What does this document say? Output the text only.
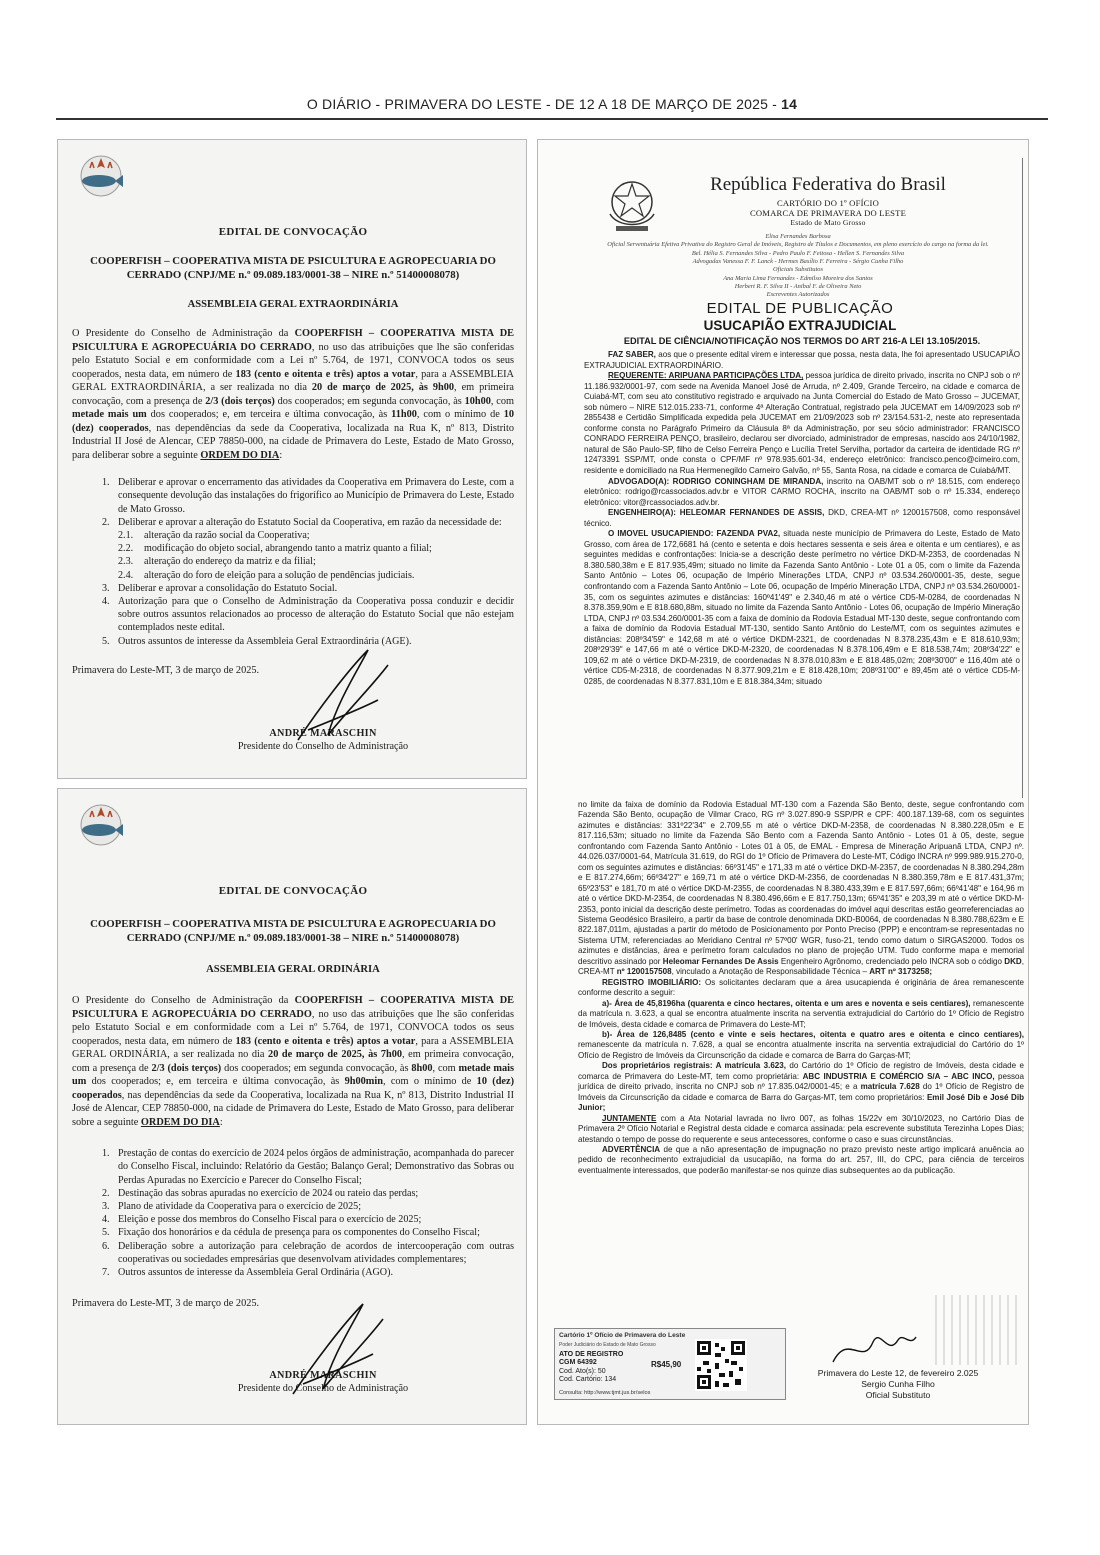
O DIÁRIO - PRIMAVERA DO LESTE - DE 12 A 18 DE MARÇO DE 2025 - 14
EDITAL DE CONVOCAÇÃO
COOPERFISH – COOPERATIVA MISTA DE PSICULTURA E AGROPECUARIA DO CERRADO (CNPJ/ME n.º 09.089.183/0001-38 – NIRE n.º 51400008078)
ASSEMBLEIA GERAL EXTRAORDINÁRIA
O Presidente do Conselho de Administração da COOPERFISH – COOPERATIVA MISTA DE PSICULTURA E AGROPECUÁRIA DO CERRADO, no uso das atribuições que lhe são conferidas pelo Estatuto Social e em conformidade com a Lei nº 5.764, de 1971, CONVOCA todos os seus cooperados, nesta data, em número de 183 (cento e oitenta e três) aptos a votar, para a ASSEMBLEIA GERAL EXTRAORDINÁRIA, a ser realizada no dia 20 de março de 2025, às 9h00, em primeira convocação, com a presença de 2/3 (dois terços) dos cooperados; em segunda convocação, às 10h00, com metade mais um dos cooperados; e, em terceira e última convocação, às 11h00, com o mínimo de 10 (dez) cooperados, nas dependências da sede da Cooperativa, localizada na Rua K, nº 813, Distrito Industrial II José de Alencar, CEP 78850-000, na cidade de Primavera do Leste, Estado de Mato Grosso, para deliberar sobre a seguinte ORDEM DO DIA:
1. Deliberar e aprovar o encerramento das atividades da Cooperativa em Primavera do Leste, com a consequente devolução das instalações do frigorífico ao Município de Primavera do Leste, Estado de Mato Grosso.
2. Deliberar e aprovar a alteração do Estatuto Social da Cooperativa, em razão da necessidade de:
2.1.	alteração da razão social da Cooperativa;
2.2.	modificação do objeto social, abrangendo tanto a matriz quanto a filial;
2.3.	alteração do endereço da matriz e da filial;
2.4.	alteração do foro de eleição para a solução de pendências judiciais.
3. Deliberar e aprovar a consolidação do Estatuto Social.
4. Autorização para que o Conselho de Administração da Cooperativa possa conduzir e decidir sobre outros assuntos relacionados ao processo de alteração do Estatuto Social que não estejam contemplados neste edital.
5. Outros assuntos de interesse da Assembleia Geral Extraordinária (AGE).
Primavera do Leste-MT, 3 de março de 2025.
ANDRÉ MARASCHIN
Presidente do Conselho de Administração
EDITAL DE CONVOCAÇÃO
COOPERFISH – COOPERATIVA MISTA DE PSICULTURA E AGROPECUARIA DO CERRADO (CNPJ/ME n.º 09.089.183/0001-38 – NIRE n.º 51400008078)
ASSEMBLEIA GERAL ORDINÁRIA
O Presidente do Conselho de Administração da COOPERFISH – COOPERATIVA MISTA DE PSICULTURA E AGROPECUÁRIA DO CERRADO, no uso das atribuições que lhe são conferidas pelo Estatuto Social e em conformidade com a Lei nº 5.764, de 1971, CONVOCA todos os seus cooperados, nesta data, em número de 183 (cento e oitenta e três) aptos a votar, para a ASSEMBLEIA GERAL ORDINÁRIA, a ser realizada no dia 20 de março de 2025, às 7h00, em primeira convocação, com a presença de 2/3 (dois terços) dos cooperados; em segunda convocação, às 8h00, com metade mais um dos cooperados; e, em terceira e última convocação, às 9h00min, com o mínimo de 10 (dez) cooperados, nas dependências da sede da Cooperativa, localizada na Rua K, nº 813, Distrito Industrial II José de Alencar, CEP 78850-000, na cidade de Primavera do Leste, Estado de Mato Grosso, para deliberar sobre a seguinte ORDEM DO DIA:
1. Prestação de contas do exercício de 2024 pelos órgãos de administração, acompanhada do parecer do Conselho Fiscal, incluindo: Relatório da Gestão; Balanço Geral; Demonstrativo das Sobras ou Perdas Apuradas no Exercício e Parecer do Conselho Fiscal;
2. Destinação das sobras apuradas no exercício de 2024 ou rateio das perdas;
3. Plano de atividade da Cooperativa para o exercício de 2025;
4. Eleição e posse dos membros do Conselho Fiscal para o exercício de 2025;
5. Fixação dos honorários e da cédula de presença para os componentes do Conselho Fiscal;
6. Deliberação sobre a autorização para celebração de acordos de intercooperação com outras cooperativas ou sociedades empresárias que desenvolvam atividades complementares;
7. Outros assuntos de interesse da Assembleia Geral Ordinária (AGO).
Primavera do Leste-MT, 3 de março de 2025.
ANDRÉ MARASCHIN
Presidente do Conselho de Administração
República Federativa do Brasil
CARTÓRIO DO 1º OFÍCIO
COMARCA DE PRIMAVERA DO LESTE
Estado de Mato Grosso
Elisa Fernandes Barbosa
Oficial Serventuária Efetiva Privativa do Registro Geral de Imóveis, Registro de Títulos e Documentos, em pleno exercício do cargo na forma da lei.
Bel. Hélia S. Fernandes Silva - Pedro Paulo F. Feitosa - Hellen S. Fernandes Silva
Advogadas Vanessa F. F. Lanck - Hermes Basílio F. Ferreira - Sérgio Cunha Filho
Oficiais Substitutos
Ana Maria Lima Fernandes - Edmilso Moreira dos Santos
Herbert R. F. Silva II - Anibal F. de Oliveira Neto
Escreventes Autorizados
EDITAL DE PUBLICAÇÃO
USUCAPIÃO EXTRAJUDICIAL
EDITAL DE CIÊNCIA/NOTIFICAÇÃO NOS TERMOS DO ART 216-A LEI 13.105/2015.

FAZ SABER, aos que o presente edital virem e interessar que possa, nesta data, lhe foi apresentado USUCAPIÃO EXTRAJUDICIAL EXTRAORDINÁRIO.

REQUERENTE: ARIPUANA PARTICIPAÇÕES LTDA, pessoa jurídica de direito privado, inscrita no CNPJ sob o nº 11.186.932/0001-97, com sede na Avenida Manoel José de Arruda, nº 2.409, Grande Terceiro, na cidade e comarca de Cuiabá-MT, com seu ato constitutivo registrado e arquivado na Junta Comercial do Estado de Mato Grosso – JUCEMAT, sob número – NIRE 512.015.233-71, conforme 4ª Alteração Contratual, registrado pela JUCEMAT em 14/09/2023 sob nº 2855438 e Certidão Simplificada expedida pela JUCEMAT em 21/09/2023 sob nº 23/154.531-2, neste ato representada conforme consta no Parágrafo Primeiro da Cláusula 8ª da Administração, por seu sócio administrador: FRANCISCO CONRADO FERREIRA PENÇO, brasileiro, declarou ser divorciado, administrador de empresas, nascido aos 24/10/1982, natural de São Paulo-SP, filho de Celso Ferreira Penço e Lucília Tretel Servilha, portador da carteira de identidade RG nº 12473391 SSP/MT, onde consta o CPF/MF nº 978.935.601-34, endereço eletrônico: francisco.penco@cimeiro.com, residente e domiciliado na Rua Hermenegildo Carneiro Galvão, nº 55, Santa Rosa, na cidade e comarca de Cuiabá/MT.

ADVOGADO(A): RODRIGO CONINGHAM DE MIRANDA, inscrito na OAB/MT sob o nº 18.515, com endereço eletrônico: rodrigo@rcassociados.adv.br e VITOR CARMO ROCHA, inscrito na OAB/MT sob o nº 15.334, endereço eletrônico: vitor@rcassociados.adv.br.

ENGENHEIRO(A): HELEOMAR FERNANDES DE ASSIS, DKD, CREA-MT nº 1200157508, como responsável técnico.

O IMOVEL USUCAPIENDO: FAZENDA PVA2, situada neste município de Primavera do Leste, Estado de Mato Grosso, com área de 172,6681 há (cento e setenta e dois hectares sessenta e seis área e oitenta e um centiares), e as seguintes medidas e confrontações: Inicia-se a descrição deste perímetro no vértice DKD-M-2353, de coordenadas N 8.380.580,38m e E 817.935,49m; situado no limite da Fazenda Santo Antônio - Lote 01 a 05, com o limite da Fazenda Santo Antônio – Lotes 06, ocupação de Império Minerações LTDA, CNPJ nº 03.534.260/0001-35, deste, segue confrontando com a Fazenda Santo Antônio – Lote 06, ocupação de Império Mineração LTDA, CNPJ nº 03.534.260/0001-35, com os seguintes azimutes e distâncias: 160º41'49" e 2.340,46 m até o vértice CD5-M-0284, de coordenadas N 8.378.359,90m e E 818.680,88m, situado no limite da Fazenda Santo Antônio - Lotes 06, ocupação de Império Mineração LTDA, CNPJ nº 03.534.260/0001-35 com a faixa de domínio da Rodovia Estadual MT-130 deste, segue confrontando com a faixa de domínio da Rodovia Estadual MT-130, sentido Santo Antônio do Leste/MT, com os seguintes azimutes e distâncias: 208º34'59" e 142,68 m até o vértice DKDM-2321, de coordenadas N 8.378.235,43m e E 818.610,93m; 208º29'39" e 147,66 m até o vértice DKD-M-2320, de coordenadas N 8.378.106,49m e E 818.538,74m; 208º34'22" e 109,62 m até o vértice DKD-M-2319, de coordenadas N 8.378.010,83m e E 818.485,02m; 208º30'00" e 116,40m até o vértice CD5-M-2318, de coordenadas N 8.377.909,21m e E 818.428,10m; 208º31'00" e 89,45m até o vértice CD5-M-0285, de coordenadas N 8.377.831,10m e E 818.384,34m; situado

no limite da faixa de domínio da Rodovia Estadual MT-130 com a Fazenda São Bento, deste, segue confrontando com Fazenda São Bento, ocupação de Vilmar Craco, RG nº 3.027.890-9 SSP/PR e CPF: 400.187.139-68, com os seguintes azimutes e distâncias: 331º22'34" e 2.709,55 m até o vértice DKD-M-2358, de coordenadas N 8.380.228,05m e E 817.116,53m; situado no limite da Fazenda São Bento com a Fazenda Santo Antônio - Lotes 01 à 05, deste, segue confrontando com Fazenda Santo Antônio - Lotes 01 à 05, de EMAL - Empresa de Mineração Aripuanã LTDA, CNPJ nº. 44.026.037/0001-64, Matrícula 31.619, do RGI do 1º Ofício de Primavera do Leste-MT, Código INCRA nº 999.989.915.270-0, com os seguintes azimutes e distâncias: 66º31'45" e 171,33 m até o vértice DKD-M-2357, de coordenadas N 8.380.294,28m e E 817.274,66m; 66º34'27" e 169,71 m até o vértice DKD-M-2356, de coordenadas N 8.380.359,78m e E 817.431,37m; 65º23'53" e 181,70 m até o vértice DKD-M-2355, de coordenadas N 8.380.433,39m e E 817.597,66m; 66º41'48" e 164,96 m até o vértice DKD-M-2354, de coordenadas N 8.380.496,66m e E 817.750,13m; 65º41'35" e 203,39 m até o vértice DKD-M-2353, ponto inicial da descrição deste perímetro. Todas as coordenadas do imóvel aqui descritas estão georreferenciadas ao Sistema Geodésico Brasileiro, a partir da base de controle denominada DKD-B0064, de coordenadas N 8.380.788,623m e E 822.187,011m, ajustadas a partir do método de Posicionamento por Ponto Preciso (PPP) e encontram-se representadas no Sistema UTM, referenciadas ao Meridiano Central nº 57º00' WGR, fuso-21, tendo como datum o SIRGAS2000. Todos os azimutes e distâncias, área e perímetro foram calculados no plano de projeção UTM. Tudo conforme mapa e memorial descritivo assinado por Heleomar Fernandes De Assis Engenheiro Agrônomo, credenciado pelo INCRA sob o código DKD, CREA-MT nº 1200157508, vinculado a Anotação de Responsabilidade Técnica – ART nº 3173258;

REGISTRO IMOBILIÁRIO: Os solicitantes declaram que a área usucapienda é originária de área remanescente conforme descrito a seguir:

a)- Área de 45,8196ha (quarenta e cinco hectares, oitenta e um ares e noventa e seis centiares), remanescente da matrícula n. 3.623, a qual se encontra atualmente inscrita na serventia extrajudicial do Cartório do 1º Ofício de Registro de Imóveis, desta cidade e comarca de Primavera do Leste-MT;

b)- Área de 126,8485 (cento e vinte e seis hectares, oitenta e quatro ares e oitenta e cinco centiares), remanescente da matrícula n. 7.628, a qual se encontra atualmente inscrita na serventia extrajudicial do Cartório do 1º Ofício de Registro de Imóveis da Circunscrição da cidade e comarca de Barra do Garças-MT;

Dos proprietários registrais: A matrícula 3.623, do Cartório do 1º Ofício de registro de Imóveis, desta cidade e comarca de Primavera do Leste-MT, tem como proprietária: ABC INDUSTRIA E COMÉRCIO S/A – ABC INCO, pessoa jurídica de direito privado, inscrita no CNPJ sob nº 17.835.042/0001-45; e a matrícula 7.628 do 1º Ofício de Registro de Imóveis da Circunscrição da cidade e comarca de Barra do Garças-MT, tem como proprietários: Emil José Dib e José Dib Junior;

JUNTAMENTE com a Ata Notarial lavrada no livro 007, as folhas 15/22v em 30/10/2023, no Cartório Dias de Primavera 2º Ofício Notarial e Registral desta cidade e comarca assinada: pela escrevente substituta Terezinha Lopes Dias; atestando o tempo de posse do requerente e seus antecessores, conforme o caso e suas circunstâncias.

ADVERTÊNCIA de que a não apresentação de impugnação no prazo previsto neste artigo implicará anuência ao pedido de reconhecimento extrajudicial da usucapião, na forma do art. 257, III, do CPC, para ciência de terceiros eventualmente interessados, que poderão manifestar-se nos quinze dias subsequentes ao da publicação.

Cartório 1º Ofício de Primavera do Leste
Poder Judiciário do Estado de Mato Grosso
ATO DE REGISTRO
CGM 64392
Cod. Ato(s): 50
Cod. Cartório: 134
R$45,90
Consulta: http://www.tjmt.jus.br/selos
Primavera do Leste 12, de fevereiro 2.025
Sergio Cunha Filho
Oficial Substituto
